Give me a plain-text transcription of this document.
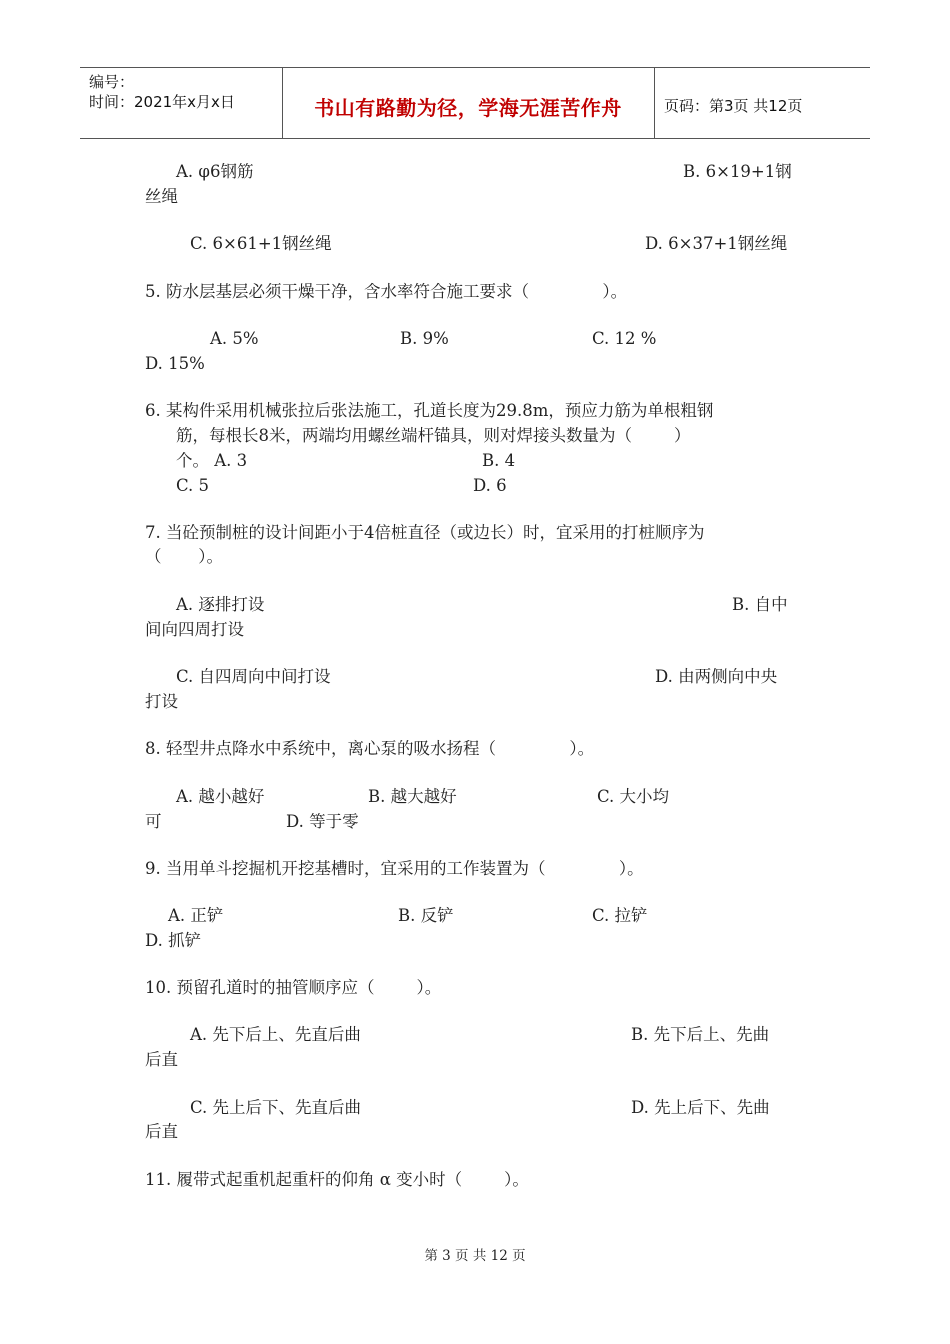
编号：
时间：2021年x月x日	书山有路勤为径，学海无涯苦作舟	页码：第3页 共12页
A. φ6钢筋	B. 6×19+1钢
丝绳
C. 6×61+1钢丝绳	D. 6×37+1钢丝绳
5. 防水层基层必须干燥干净，含水率符合施工要求（              ）。
A. 5%	B. 9%	C. 12 %
D. 15%
6. 某构件采用机械张拉后张法施工，孔道长度为29.8m，预应力筋为单根粗钢
筋，每根长8米，两端均用螺丝端杆锚具，则对焊接头数量为（        ）
个。 A. 3	B. 4
C. 5	D. 6
7. 当砼预制桩的设计间距小于4倍桩直径（或边长）时，宜采用的打桩顺序为
（       ）。
A. 逐排打设	B. 自中
间向四周打设
C. 自四周向中间打设	D. 由两侧向中央
打设
8. 轻型井点降水中系统中，离心泵的吸水扬程（              ）。
A. 越小越好	B. 越大越好	C. 大小均
可	D. 等于零
9. 当用单斗挖掘机开挖基槽时，宜采用的工作装置为（              ）。
A. 正铲	B. 反铲	C. 拉铲
D. 抓铲
10. 预留孔道时的抽管顺序应（        ）。
A. 先下后上、先直后曲	B. 先下后上、先曲
后直
C. 先上后下、先直后曲	D. 先上后下、先曲
后直
11. 履带式起重机起重杆的仰角 α 变小时（        ）。
第 3 页 共 12 页
